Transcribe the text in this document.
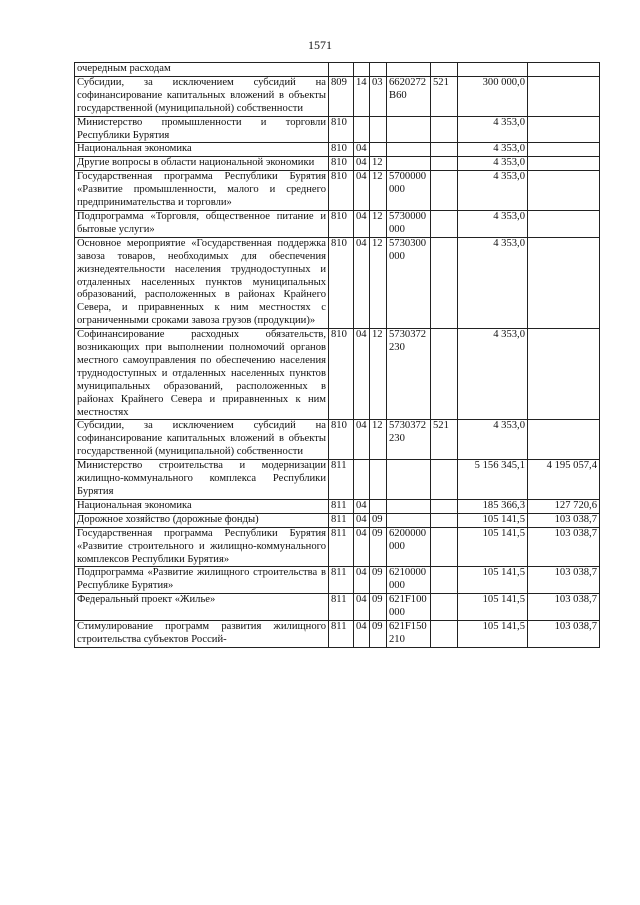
1571
очередным расходам							
Субсидии, за исключением субсидий на софинансирование капитальных вложений в объекты государственной (муниципальной) собственности	809	14	03	6620272В60	521	300 000,0	
Министерство промышленности и торговли Республики Бурятия	810					4 353,0	
Национальная экономика	810	04				4 353,0	
Другие вопросы в области национальной экономики	810	04	12			4 353,0	
Государственная программа Республики Бурятия «Развитие промышленности, малого и среднего предпринимательства и торговли»	810	04	12	5700000000		4 353,0	
Подпрограмма «Торговля, общественное питание и бытовые услуги»	810	04	12	5730000000		4 353,0	
Основное мероприятие «Государственная поддержка завоза товаров, необходимых для обеспечения жизнедеятельности населения труднодоступных и отдаленных населенных пунктов муниципальных образований, расположенных в районах Крайнего Севера, и приравненных к ним местностях с ограниченными сроками завоза грузов (продукции)»	810	04	12	5730300000		4 353,0	
Софинансирование расходных обязательств, возникающих при выполнении полномочий органов местного самоуправления по обеспечению населения труднодоступных и отдаленных населенных пунктов муниципальных образований, расположенных в районах Крайнего Севера и приравненных к ним местностях	810	04	12	5730372230		4 353,0	
Субсидии, за исключением субсидий на софинансирование капитальных вложений в объекты государственной (муниципальной) собственности	810	04	12	5730372230	521	4 353,0	
Министерство строительства и модернизации жилищно-коммунального комплекса Республики Бурятия	811					5 156 345,1	4 195 057,4
Национальная экономика	811	04				185 366,3	127 720,6
Дорожное хозяйство (дорожные фонды)	811	04	09			105 141,5	103 038,7
Государственная программа Республики Бурятия «Развитие строительного и жилищно-коммунального комплексов Республики Бурятия»	811	04	09	6200000000		105 141,5	103 038,7
Подпрограмма «Развитие жилищного строительства в Республике Бурятия»	811	04	09	6210000000		105 141,5	103 038,7
Федеральный проект «Жилье»	811	04	09	621F100000		105 141,5	103 038,7
Стимулирование программ развития жилищного строительства субъектов Россий-	811	04	09	621F150210		105 141,5	103 038,7
